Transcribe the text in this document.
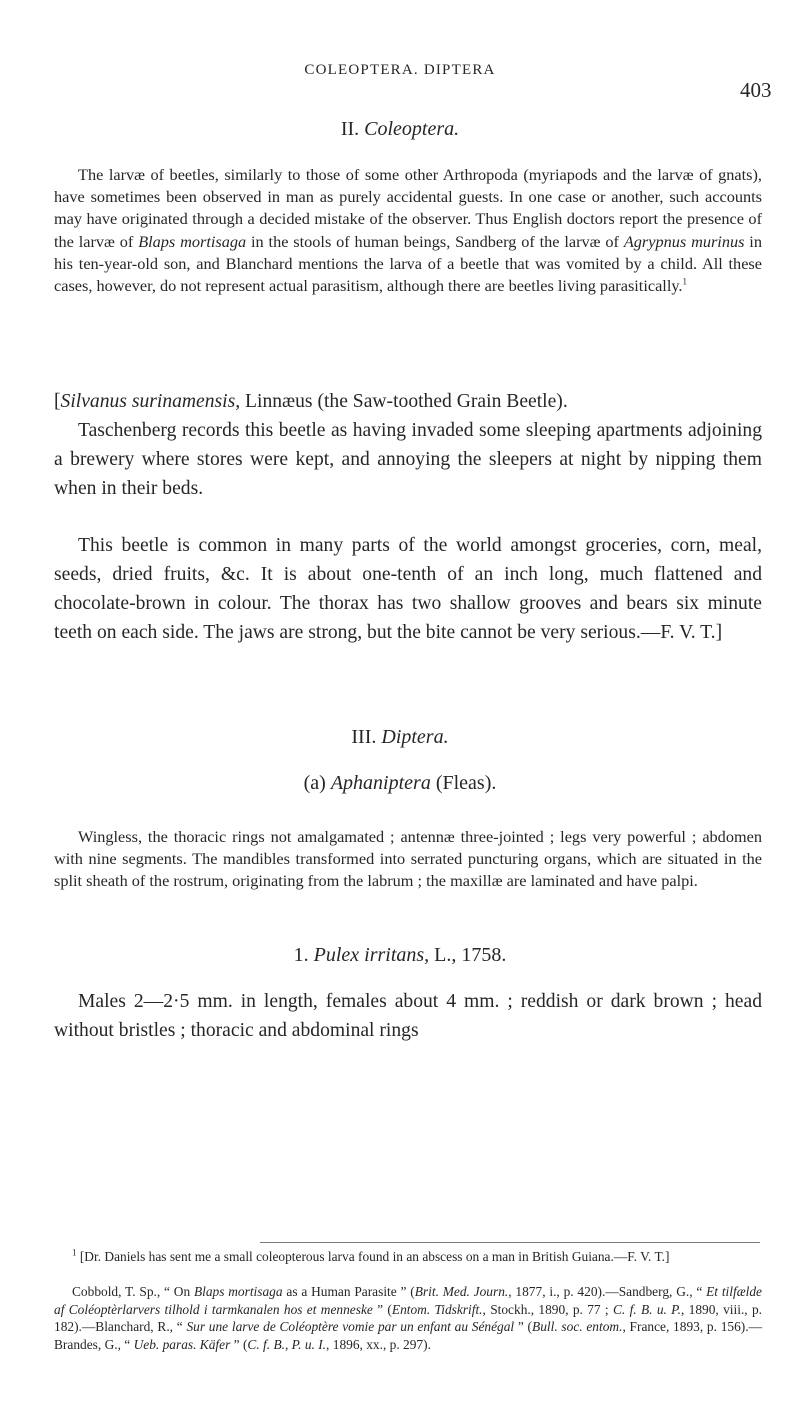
COLEOPTERA. DIPTERA
403
II. Coleoptera.

The larvæ of beetles, similarly to those of some other Arthropoda (myriapods and the larvæ of gnats), have sometimes been observed in man as purely accidental guests. In one case or another, such accounts may have originated through a decided mistake of the observer. Thus English doctors report the presence of the larvæ of Blaps mortisaga in the stools of human beings, Sandberg of the larvæ of Agrypnus murinus in his ten-year-old son, and Blanchard mentions the larva of a beetle that was vomited by a child. All these cases, however, do not represent actual parasitism, although there are beetles living parasitically.$^1$

[Silvanus surinamensis, Linnæus (the Saw-toothed Grain Beetle).

Taschenberg records this beetle as having invaded some sleeping apartments adjoining a brewery where stores were kept, and annoying the sleepers at night by nipping them when in their beds.

This beetle is common in many parts of the world amongst groceries, corn, meal, seeds, dried fruits, &c. It is about one-tenth of an inch long, much flattened and chocolate-brown in colour. The thorax has two shallow grooves and bears six minute teeth on each side. The jaws are strong, but the bite cannot be very serious.—F. V. T.]

III. Diptera.
(a) Aphaniptera (Fleas).

Wingless, the thoracic rings not amalgamated ; antennæ three-jointed ; legs very powerful ; abdomen with nine segments. The mandibles transformed into serrated puncturing organs, which are situated in the split sheath of the rostrum, originating from the labrum ; the maxillæ are laminated and have palpi.

1. Pulex irritans, L., 1758.

Males 2—2·5 mm. in length, females about 4 mm. ; reddish or dark brown ; head without bristles ; thoracic and abdominal rings

$^1$ [Dr. Daniels has sent me a small coleopterous larva found in an abscess on a man in British Guiana.—F. V. T.]

Cobbold, T. Sp., “ On Blaps mortisaga as a Human Parasite ” (Brit. Med. Journ., 1877, i., p. 420).—Sandberg, G., “ Et tilfælde af Coléoptèrlarvers tilhold i tarmkanalen hos et menneske ” (Entom. Tidskrift., Stockh., 1890, p. 77 ; C. f. B. u. P., 1890, viii., p. 182).—Blanchard, R., “ Sur une larve de Coléoptère vomie par un enfant au Sénégal ” (Bull. soc. entom., France, 1893, p. 156).—Brandes, G., “ Ueb. paras. Käfer ” (C. f. B., P. u. I., 1896, xx., p. 297).
